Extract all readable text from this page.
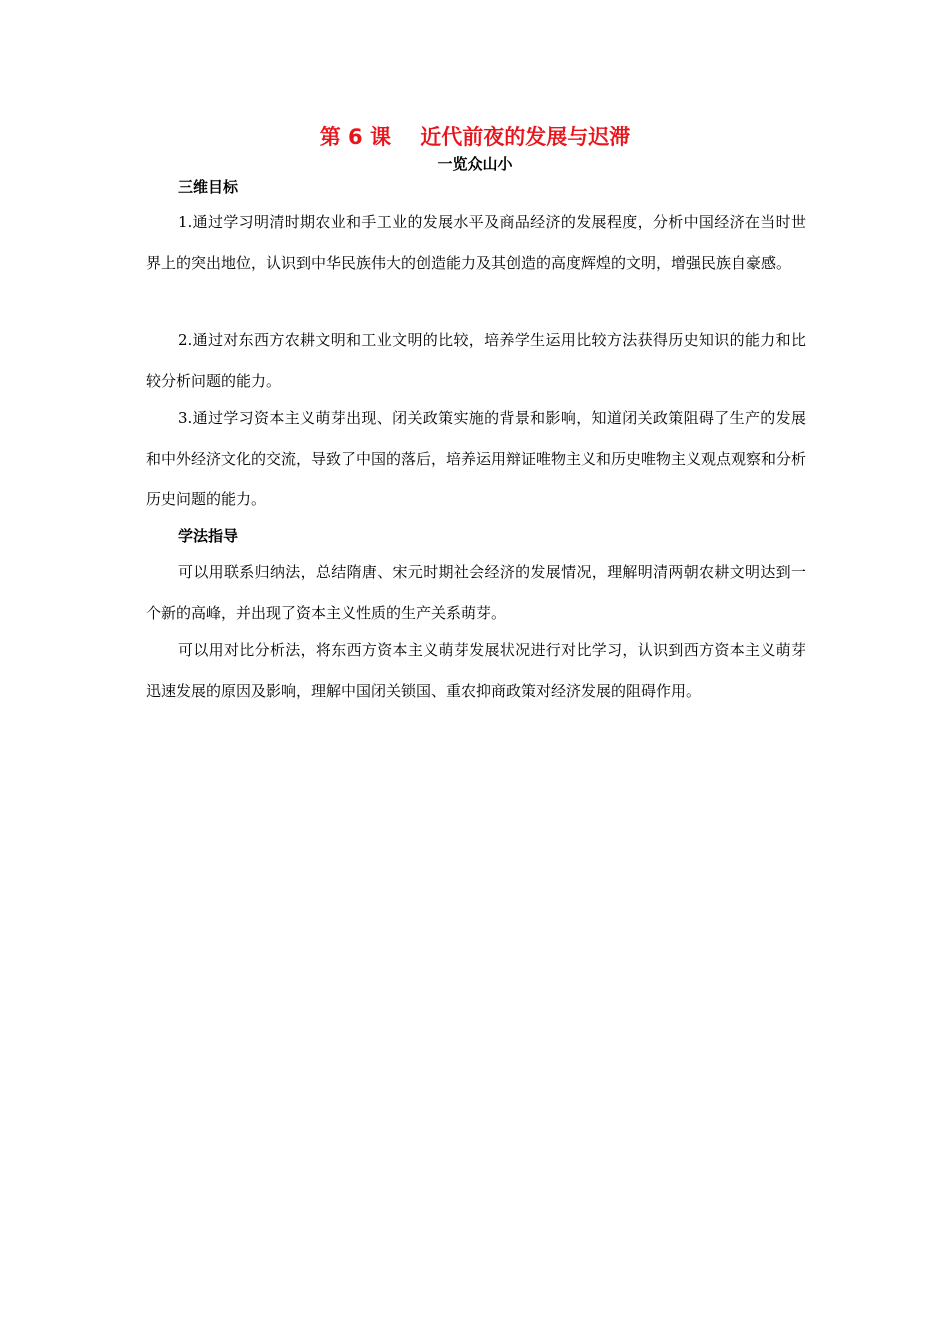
第 6 课    近代前夜的发展与迟滞
一览众山小
三维目标

1.通过学习明清时期农业和手工业的发展水平及商品经济的发展程度，分析中国经济在当时世界上的突出地位，认识到中华民族伟大的创造能力及其创造的高度辉煌的文明，增强民族自豪感。

2.通过对东西方农耕文明和工业文明的比较，培养学生运用比较方法获得历史知识的能力和比较分析问题的能力。

3.通过学习资本主义萌芽出现、闭关政策实施的背景和影响，知道闭关政策阻碍了生产的发展和中外经济文化的交流，导致了中国的落后，培养运用辩证唯物主义和历史唯物主义观点观察和分析历史问题的能力。

学法指导

可以用联系归纳法，总结隋唐、宋元时期社会经济的发展情况，理解明清两朝农耕文明达到一个新的高峰，并出现了资本主义性质的生产关系萌芽。

可以用对比分析法，将东西方资本主义萌芽发展状况进行对比学习，认识到西方资本主义萌芽迅速发展的原因及影响，理解中国闭关锁国、重农抑商政策对经济发展的阻碍作用。
